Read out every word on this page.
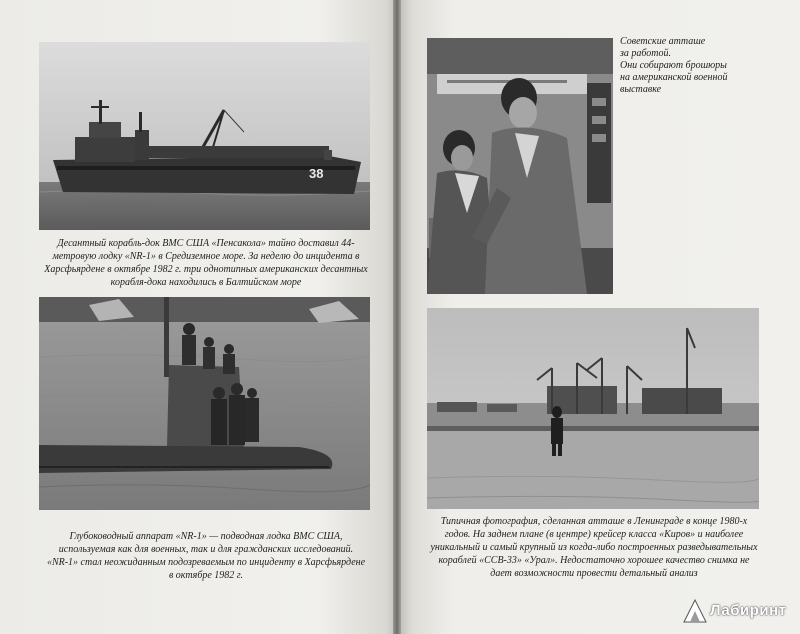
38

Десантный корабль-док ВМС США «Пенсакола» тайно доставил 44-
метровую лодку «NR-1» в Средиземное море. За неделю до инцидента в
Харсфьярдене в октябре 1982 г. три однотипных американских десантных
корабля-дока находились в Балтийском море

Глубоководный аппарат «NR-1» — подводная лодка ВМС США,
используемая как для военных, так и для гражданских исследований.
«NR-1» стал неожиданным подозреваемым по инциденту в Харсфьярдене
в октябре 1982 г.

Советские атташе
за работой.
Они собирают брошюры
на американской военной
выставке

Типичная фотография, сделанная атташе в Ленинграде в конце 1980-х
годов. На заднем плане (в центре) крейсер класса «Киров» и наиболее
уникальный и самый крупный из когда-либо построенных разведывательных
кораблей «ССВ-33» «Урал». Недостаточно хорошее качество снимка не
дает возможности провести детальный анализ

Лабиринт
